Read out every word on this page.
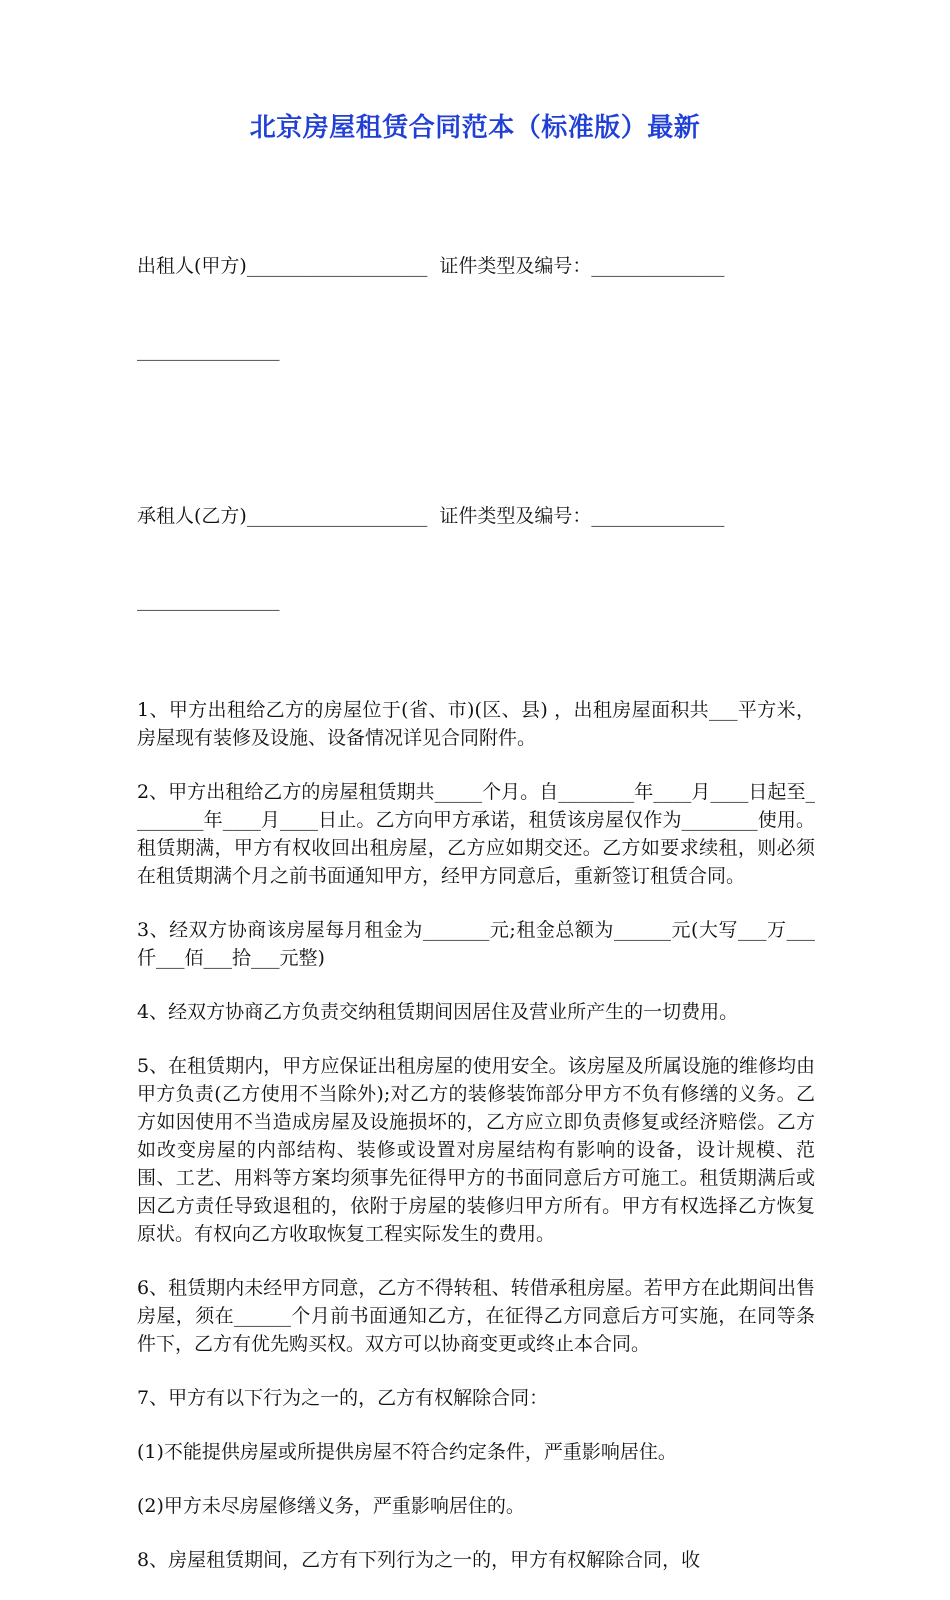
北京房屋租赁合同范本（标准版）最新

出租人(甲方)___________________  证件类型及编号：______________

_______________

承租人(乙方)___________________  证件类型及编号：______________

_______________

1、甲方出租给乙方的房屋位于(省、市)(区、县) ，出租房屋面积共___平方米，房屋现有装修及设施、设备情况详见合同附件。

2、甲方出租给乙方的房屋租赁期共_____个月。自________年____月____日起至________年____月____日止。乙方向甲方承诺，租赁该房屋仅作为________使用。 租赁期满，甲方有权收回出租房屋，乙方应如期交还。乙方如要求续租，则必须在租赁期满个月之前书面通知甲方，经甲方同意后，重新签订租赁合同。

3、经双方协商该房屋每月租金为_______元;租金总额为______元(大写___万___仟___佰___拾___元整)

4、经双方协商乙方负责交纳租赁期间因居住及营业所产生的一切费用。

5、在租赁期内，甲方应保证出租房屋的使用安全。该房屋及所属设施的维修均由甲方负责(乙方使用不当除外);对乙方的装修装饰部分甲方不负有修缮的义务。乙方如因使用不当造成房屋及设施损坏的，乙方应立即负责修复或经济赔偿。乙方如改变房屋的内部结构、装修或设置对房屋结构有影响的设备，设计规模、范围、工艺、用料等方案均须事先征得甲方的书面同意后方可施工。租赁期满后或因乙方责任导致退租的，依附于房屋的装修归甲方所有。甲方有权选择乙方恢复原状。有权向乙方收取恢复工程实际发生的费用。

6、租赁期内未经甲方同意，乙方不得转租、转借承租房屋。若甲方在此期间出售房屋，须在______个月前书面通知乙方，在征得乙方同意后方可实施，在同等条件下，乙方有优先购买权。双方可以协商变更或终止本合同。

7、甲方有以下行为之一的，乙方有权解除合同：

(1)不能提供房屋或所提供房屋不符合约定条件，严重影响居住。

(2)甲方未尽房屋修缮义务，严重影响居住的。

8、房屋租赁期间，乙方有下列行为之一的，甲方有权解除合同，收
